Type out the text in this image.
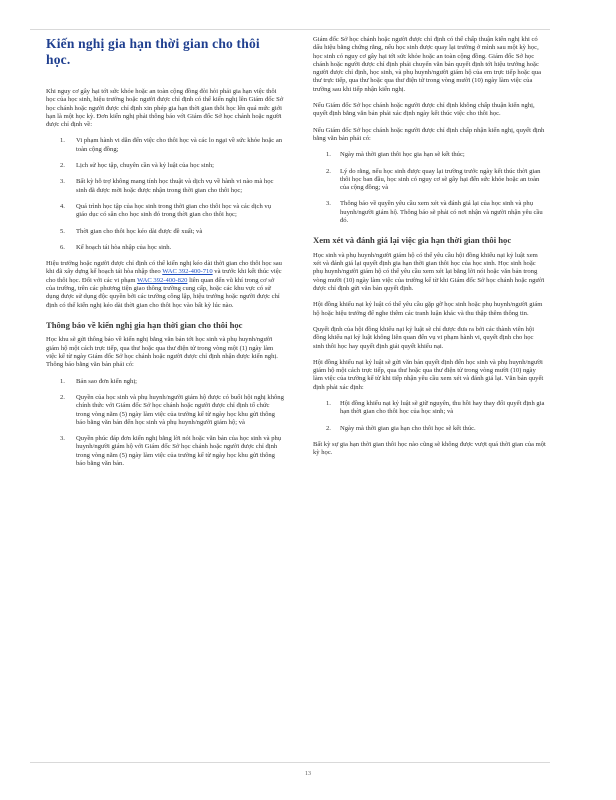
Kiến nghị gia hạn thời gian cho thôi học.

Khi nguy cơ gây hại tới sức khỏe hoặc an toàn cộng đồng đòi hỏi phải gia hạn việc thôi học của học sinh, hiệu trưởng hoặc người được chỉ định có thể kiến nghị lên Giám đốc Sở học chánh hoặc người được chỉ định xin phép gia hạn thời gian thôi học lên quá mức giới hạn là một học kỳ. Đơn kiến nghị phải thông báo với Giám đốc Sở học chánh hoặc người được chỉ định về:

1.	Vi phạm hành vi dẫn đến việc cho thôi học và các lo ngại về sức khỏe hoặc an toàn cộng đồng;
2.	Lịch sử học tập, chuyên cần và kỷ luật của học sinh;
3.	Bất kỳ hỗ trợ không mang tính học thuật và dịch vụ về hành vi nào mà học sinh đã được mời hoặc được nhận trong thời gian cho thôi học;
4.	Quá trình học tập của học sinh trong thời gian cho thôi học và các dịch vụ giáo dục có sẵn cho học sinh đó trong thời gian cho thôi học;
5.	Thời gian cho thôi học kéo dài được đề xuất; và
6.	Kế hoạch tái hòa nhập của học sinh.

Hiệu trưởng hoặc người được chỉ định có thể kiến nghị kéo dài thời gian cho thôi học sau khi đã xây dựng kế hoạch tái hòa nhập theo WAC 392-400-710 và trước khi kết thúc việc cho thôi học. Đối với các vi phạm WAC 392-400-820 liên quan đến vũ khí trong cơ sở của trường, trên các phương tiện giao thông trường cung cấp, hoặc các khu vực có sử dụng được sử dụng độc quyền bởi các trường công lập, hiệu trưởng hoặc người được chỉ định có thể kiến nghị kéo dài thời gian cho thôi học vào bất kỳ lúc nào.

Thông báo về kiến nghị gia hạn thời gian cho thôi học

Học khu sẽ gửi thông báo về kiến nghị bằng văn bản tới học sinh và phụ huynh/người giám hộ một cách trực tiếp, qua thư hoặc qua thư điện tử trong vòng một (1) ngày làm việc kể từ ngày Giám đốc Sở học chánh hoặc người được chỉ định nhận được kiến nghị. Thông báo bằng văn bản phải có:

1.	Bản sao đơn kiến nghị;
2.	Quyền của học sinh và phụ huynh/người giám hộ được có buổi hội nghị không chính thức với Giám đốc Sở học chánh hoặc người được chỉ định tổ chức trong vòng năm (5) ngày làm việc của trường kể từ ngày học khu gửi thông báo bằng văn bản đến học sinh và phụ huynh/người giám hộ; và
3.	Quyền phúc đáp đơn kiến nghị bằng lời nói hoặc văn bản của học sinh và phụ huynh/người giám hộ với Giám đốc Sở học chánh hoặc người được chỉ định trong vòng năm (5) ngày làm việc của trường kể từ ngày học khu gửi thông báo bằng văn bản.

Giám đốc Sở học chánh hoặc người được chỉ định có thể chấp thuận kiến nghị khi có dấu hiệu bằng chứng rằng, nếu học sinh được quay lại trường ở mình sau một kỳ học, học sinh có nguy cơ gây hại tới sức khỏe hoặc an toàn cộng đồng. Giám đốc Sở học chánh hoặc người được chỉ định phải chuyển văn bản quyết định tới hiệu trưởng hoặc người được chỉ định, học sinh, và phụ huynh/người giám hộ của em trực tiếp hoặc qua thư trực tiếp, qua thư hoặc qua thư điện tử trong vòng mười (10) ngày làm việc của trường sau khi tiếp nhận kiến nghị.

Nếu Giám đốc Sở học chánh hoặc người được chỉ định không chấp thuận kiến nghị, quyết định bằng văn bản phải xác định ngày kết thúc việc cho thôi học.

Nếu Giám đốc Sở học chánh hoặc người được chỉ định chấp nhận kiến nghị, quyết định bằng văn bản phải có:

1.	Ngày mà thời gian thôi học gia hạn sẽ kết thúc;
2.	Lý do rằng, nếu học sinh được quay lại trường trước ngày kết thúc thời gian thôi học ban đầu, học sinh có nguy cơ sẽ gây hại đến sức khỏe hoặc an toàn của cộng đồng; và
3.	Thông báo về quyền yêu cầu xem xét và đánh giá lại của học sinh và phụ huynh/người giám hộ. Thông báo sẽ phải có nơi nhận và người nhận yêu cầu đó.
Xem xét và đánh giá lại việc gia hạn thời gian thôi học

Học sinh và phụ huynh/người giám hộ có thể yêu cầu hội đồng khiếu nại kỷ luật xem xét và đánh giá lại quyết định gia hạn thời gian thôi học của học sinh. Học sinh hoặc phụ huynh/người giám hộ có thể yêu cầu xem xét lại bằng lời nói hoặc văn bản trong vòng mười (10) ngày làm việc của trường kể từ khi Giám đốc Sở học chánh hoặc người được chỉ định gửi văn bản quyết định.

Hội đồng khiếu nại kỷ luật có thể yêu cầu gặp gỡ học sinh hoặc phụ huynh/người giám hộ hoặc hiệu trưởng để nghe thêm các tranh luận khác và thu thập thêm thông tin.

Quyết định của hội đồng khiếu nại kỷ luật sẽ chỉ được đưa ra bởi các thành viên hội đồng khiếu nại kỷ luật không liên quan đến vụ vi phạm hành vi, quyết định cho học sinh thôi học hay quyết định giải quyết khiếu nại.

Hội đồng khiếu nại kỷ luật sẽ gửi văn bản quyết định đến học sinh và phụ huynh/người giám hộ một cách trực tiếp, qua thư hoặc qua thư điện tử trong vòng mười (10) ngày làm việc của trường kể từ khi tiếp nhận yêu cầu xem xét và đánh giá lại. Văn bản quyết định phải xác định:

1.	Hội đồng khiếu nại kỷ luật sẽ giữ nguyên, thu hồi hay thay đổi quyết định gia hạn thời gian cho thôi học của học sinh; và
2.	Ngày mà thời gian gia hạn cho thôi học sẽ kết thúc.

Bất kỳ sự gia hạn thời gian thôi học nào cũng sẽ không được vượt quá thời gian của một kỳ học.

13
